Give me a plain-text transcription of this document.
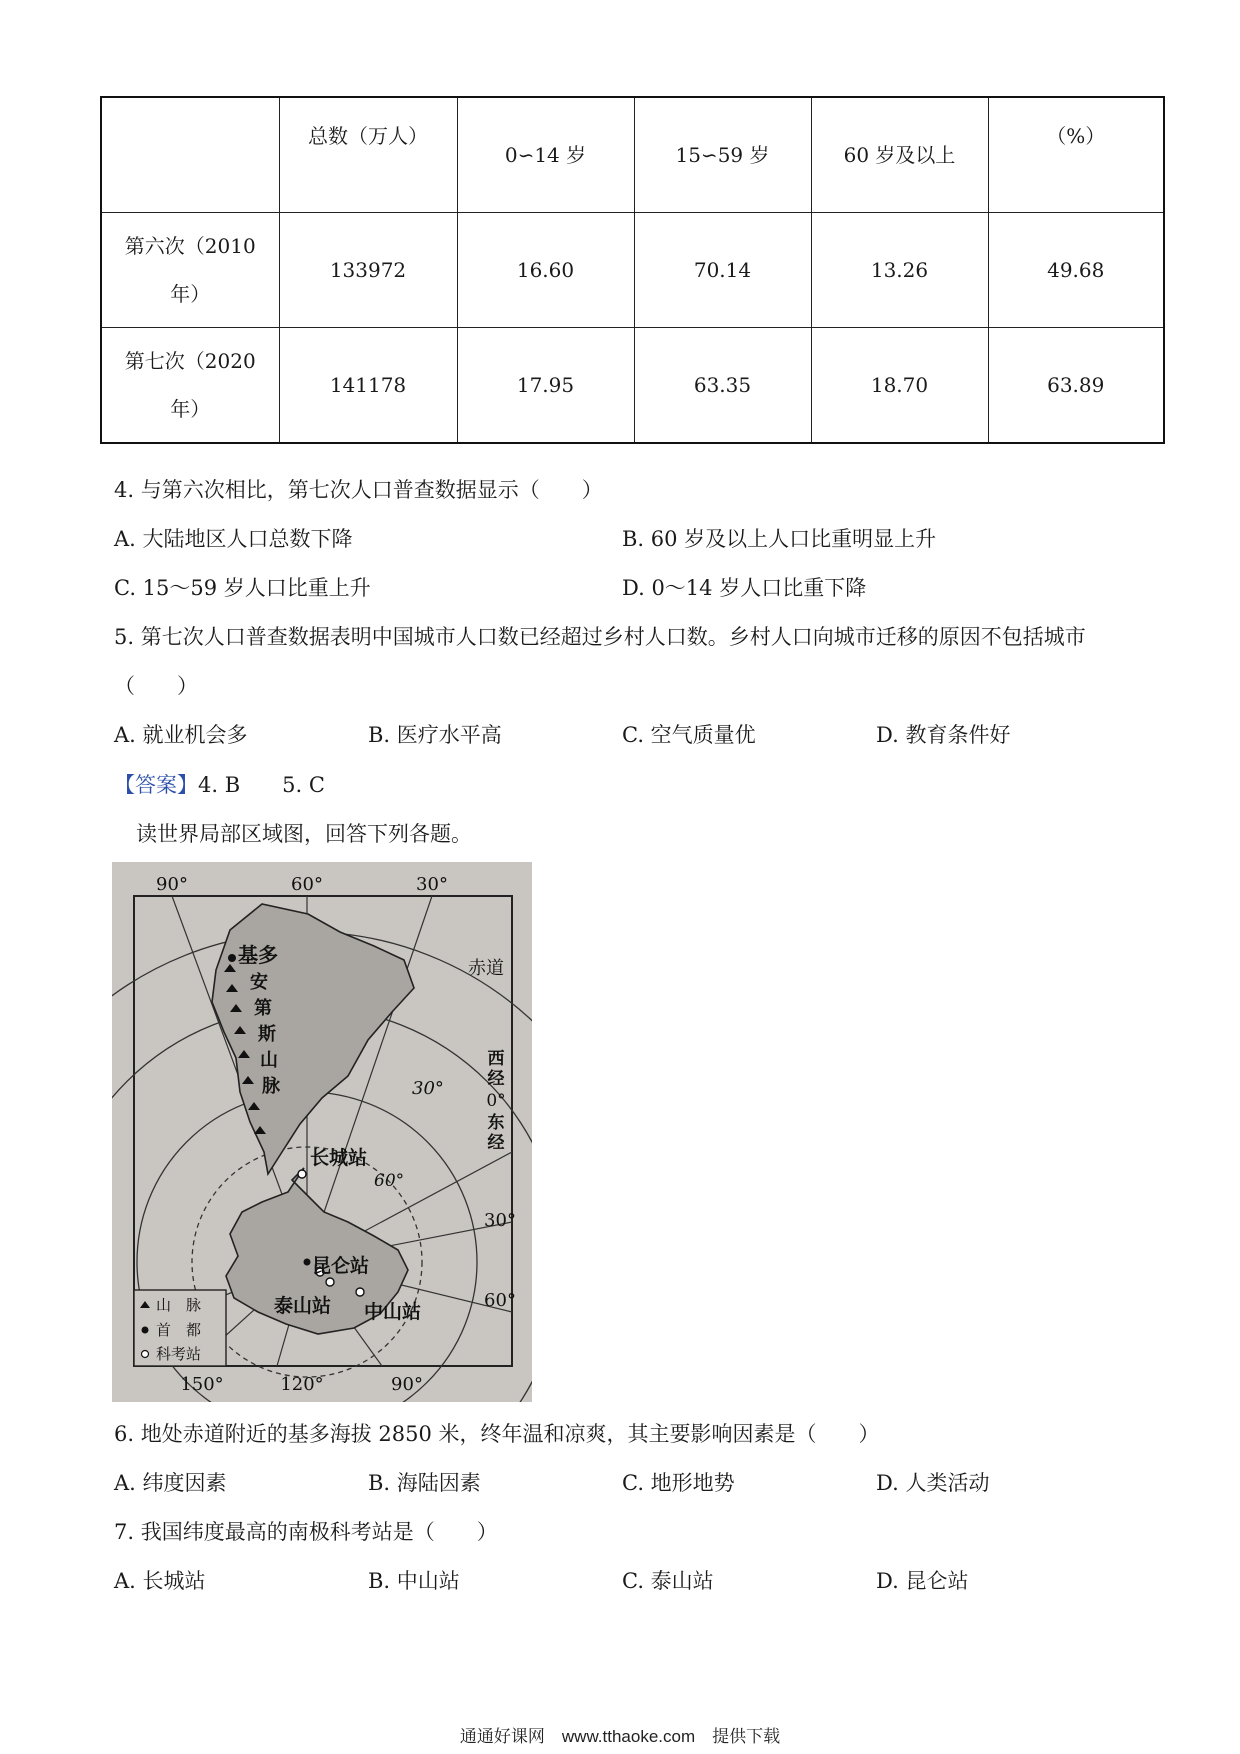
	总数（万人）	0∽14 岁	15∽59 岁	60 岁及以上	（%）
第六次（2010
年）	133972	16.60	70.14	13.26	49.68
第七次（2020
年）	141178	17.95	63.35	18.70	63.89
4. 与第六次相比，第七次人口普查数据显示（　　）
A. 大陆地区人口总数下降	B. 60 岁及以上人口比重明显上升
C. 15～59 岁人口比重上升	D. 0～14 岁人口比重下降
5. 第七次人口普查数据表明中国城市人口数已经超过乡村人口数。乡村人口向城市迁移的原因不包括城市
（　　）
A. 就业机会多	B. 医疗水平高	C. 空气质量优	D. 教育条件好
【答案】4. B　　5. C
读世界局部区域图，回答下列各题。
90°	60°	30°
150°	120°	90°
30°
60°
30°
60°
赤道
基多
安
第
斯
山
脉
西
经
0°
东
经
长城站
昆仑站
泰山站 中山站
山　脉
首　都
科考站
6. 地处赤道附近的基多海拔 2850 米，终年温和凉爽，其主要影响因素是（　　）
A. 纬度因素	B. 海陆因素	C. 地形地势	D. 人类活动
7. 我国纬度最高的南极科考站是（　　）
A. 长城站	B. 中山站	C. 泰山站	D. 昆仑站
通通好课网　www.tthaoke.com　提供下载
